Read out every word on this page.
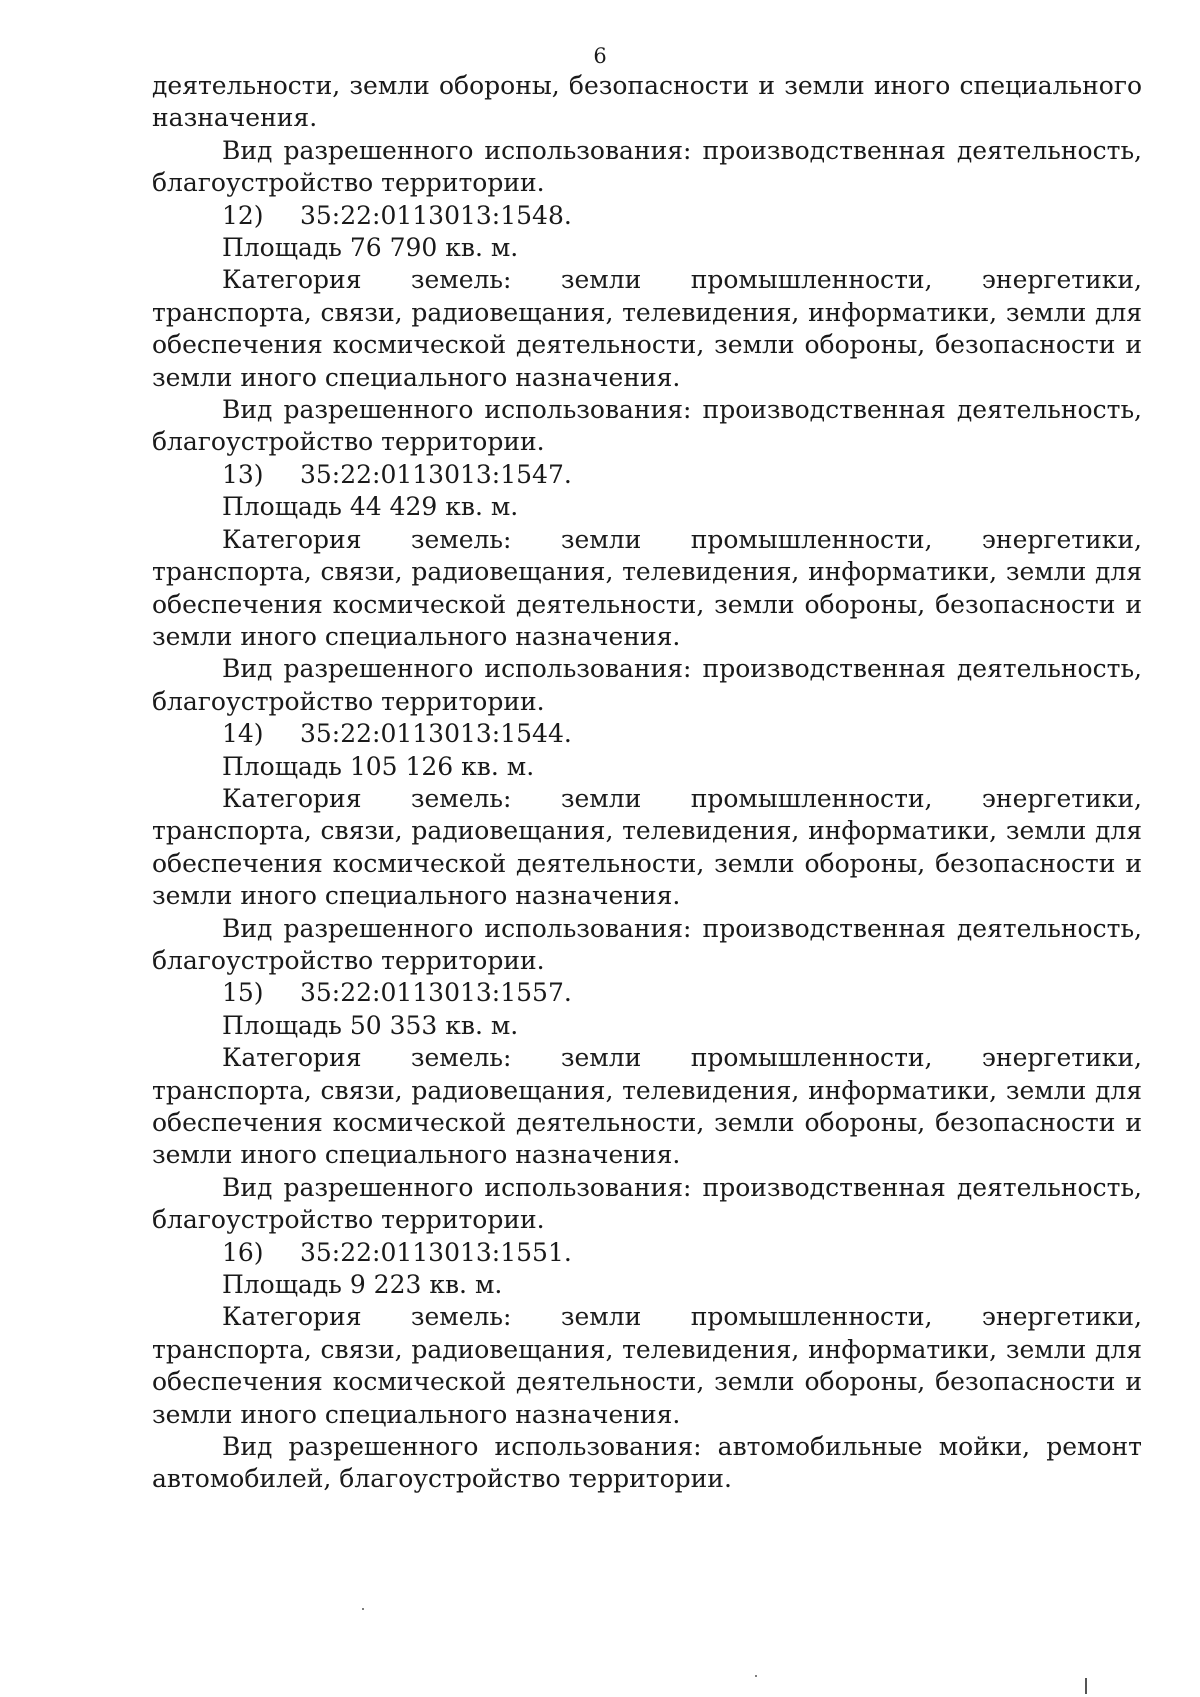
6

деятельности, земли обороны, безопасности и земли иного специального назначения.

Вид разрешенного использования: производственная деятельность, благоустройство территории.

12) 35:22:0113013:1548.

Площадь 76 790 кв. м.

Категория земель: земли промышленности, энергетики, транспорта, связи, радиовещания, телевидения, информатики, земли для обеспечения космической деятельности, земли обороны, безопасности и земли иного специального назначения.

Вид разрешенного использования: производственная деятельность, благоустройство территории.

13) 35:22:0113013:1547.

Площадь 44 429 кв. м.

Категория земель: земли промышленности, энергетики, транспорта, связи, радиовещания, телевидения, информатики, земли для обеспечения космической деятельности, земли обороны, безопасности и земли иного специального назначения.

Вид разрешенного использования: производственная деятельность, благоустройство территории.

14) 35:22:0113013:1544.

Площадь 105 126 кв. м.

Категория земель: земли промышленности, энергетики, транспорта, связи, радиовещания, телевидения, информатики, земли для обеспечения космической деятельности, земли обороны, безопасности и земли иного специального назначения.

Вид разрешенного использования: производственная деятельность, благоустройство территории.

15) 35:22:0113013:1557.

Площадь 50 353 кв. м.

Категория земель: земли промышленности, энергетики, транспорта, связи, радиовещания, телевидения, информатики, земли для обеспечения космической деятельности, земли обороны, безопасности и земли иного специального назначения.

Вид разрешенного использования: производственная деятельность, благоустройство территории.

16) 35:22:0113013:1551.

Площадь 9 223 кв. м.

Категория земель: земли промышленности, энергетики, транспорта, связи, радиовещания, телевидения, информатики, земли для обеспечения космической деятельности, земли обороны, безопасности и земли иного специального назначения.

Вид разрешенного использования: автомобильные мойки, ремонт автомобилей, благоустройство территории.
